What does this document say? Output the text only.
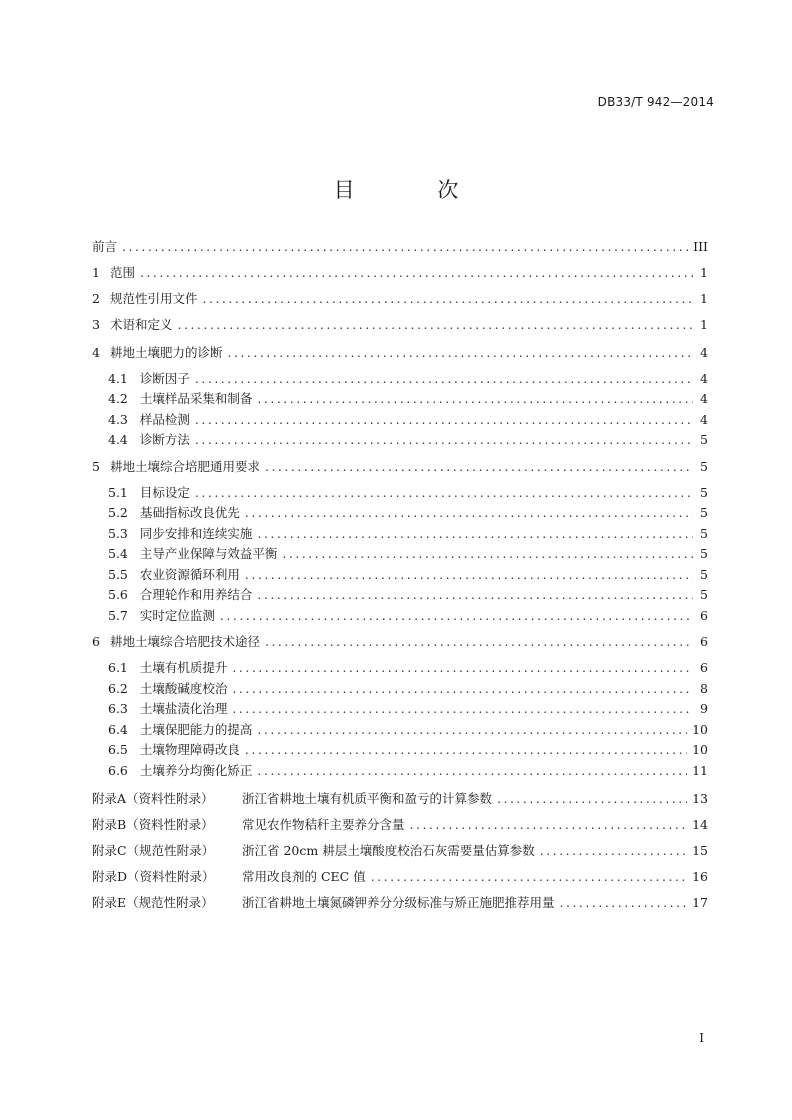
DB33/T 942—2014
目 次
前言 .....	III
1 范围 .....	1
2 规范性引用文件 .....	1
3 术语和定义 .....	1
4 耕地土壤肥力的诊断 .....	4
4.1 诊断因子 .....	4
4.2 土壤样品采集和制备 .....	4
4.3 样品检测 .....	4
4.4 诊断方法 .....	5
5 耕地土壤综合培肥通用要求 .....	5
5.1 目标设定 .....	5
5.2 基础指标改良优先 .....	5
5.3 同步安排和连续实施 .....	5
5.4 主导产业保障与效益平衡 .....	5
5.5 农业资源循环利用 .....	5
5.6 合理轮作和用养结合 .....	5
5.7 实时定位监测 .....	6
6 耕地土壤综合培肥技术途径 .....	6
6.1 土壤有机质提升 .....	6
6.2 土壤酸碱度校治 .....	8
6.3 土壤盐渍化治理 .....	9
6.4 土壤保肥能力的提高 .....	10
6.5 土壤物理障碍改良 .....	10
6.6 土壤养分均衡化矫正 .....	11
附录A（资料性附录） 浙江省耕地土壤有机质平衡和盈亏的计算参数 .....	13
附录B（资料性附录） 常见农作物秸秆主要养分含量 .....	14
附录C（规范性附录） 浙江省 20cm 耕层土壤酸度校治石灰需要量估算参数 .....	15
附录D（资料性附录） 常用改良剂的 CEC 值 .....	16
附录E（规范性附录） 浙江省耕地土壤氮磷钾养分分级标准与矫正施肥推荐用量 .....	17
I
